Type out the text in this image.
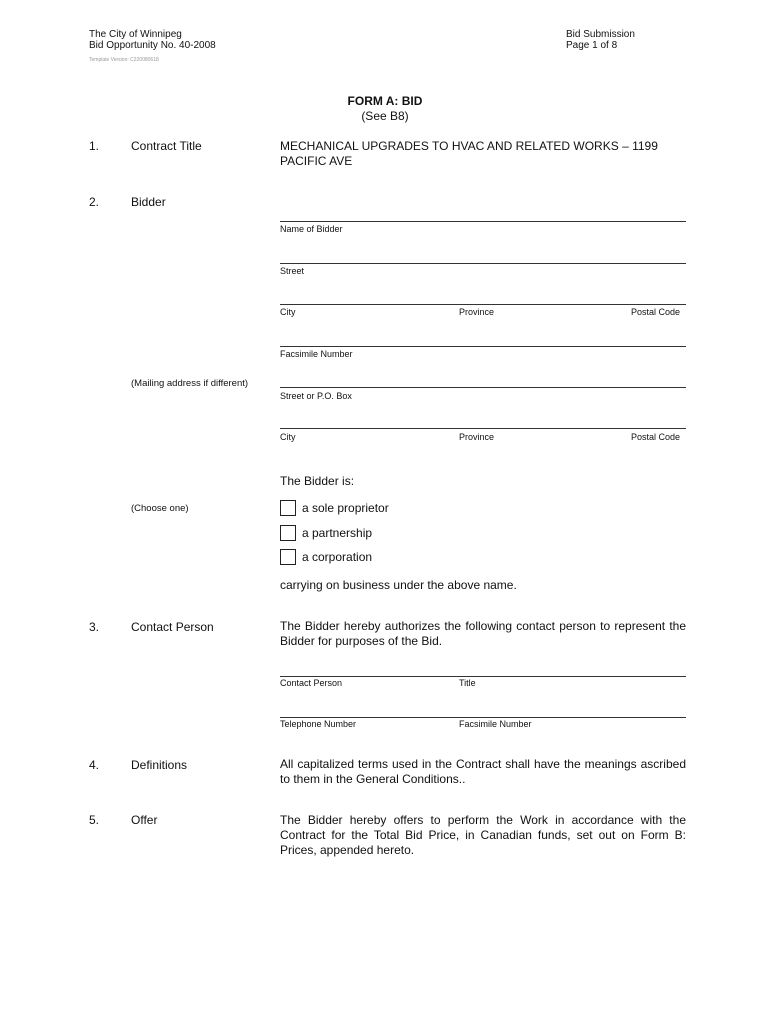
The City of Winnipeg
Bid Opportunity No. 40-2008
Template Version: C220080618
Bid Submission
Page 1 of 8
FORM A: BID
(See B8)
1.	Contract Title	MECHANICAL UPGRADES TO HVAC AND RELATED WORKS – 1199
PACIFIC AVE
2.	Bidder
Name of Bidder
Street
City	Province	Postal Code
Facsimile Number
(Mailing address if different)
Street or P.O. Box
City	Province	Postal Code
The Bidder is:
(Choose one)	a sole proprietor
a partnership
a corporation
carrying on business under the above name.
3.	Contact Person	The Bidder hereby authorizes the following contact person to represent the Bidder for purposes of the Bid.
Contact Person	Title
Telephone Number	Facsimile Number
4.	Definitions	All capitalized terms used in the Contract shall have the meanings ascribed to them in the General Conditions..
5.	Offer	The Bidder hereby offers to perform the Work in accordance with the Contract for the Total Bid Price, in Canadian funds, set out on Form B: Prices, appended hereto.
